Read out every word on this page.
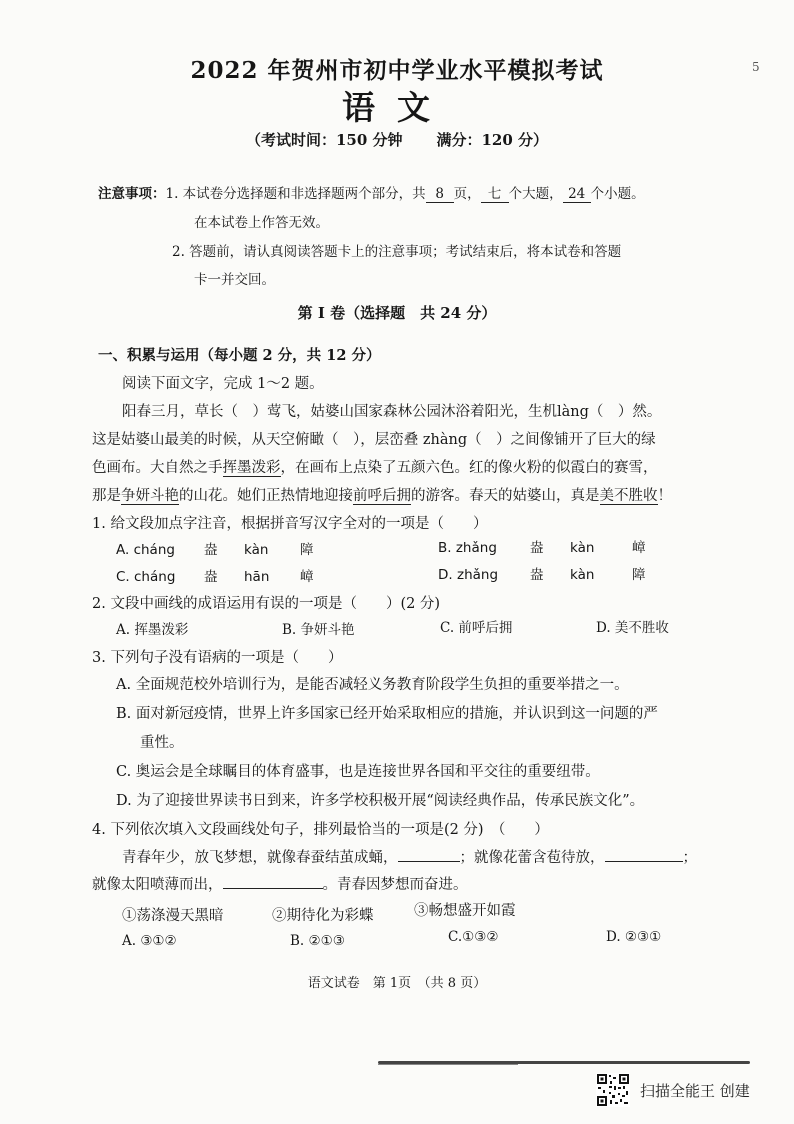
5
2022 年贺州市初中学业水平模拟考试
语文
（考试时间：150 分钟 满分：120 分）
注意事项：1. 本试卷分选择题和非选择题两个部分，共 8 页， 七 个大题， 24 个小题。
在本试卷上作答无效。
2. 答题前，请认真阅读答题卡上的注意事项；考试结束后，将本试卷和答题
卡一并交回。
第 I 卷（选择题　共 24 分）
一、积累与运用（每小题 2 分，共 12 分）
阅读下面文字，完成 1～2 题。
阳春三月，草长（　）莺飞，姑婆山国家森林公园沐浴着阳光，生机làng（　）然。
这是姑婆山最美的时候，从天空俯瞰（　），层峦叠 zhàng（　）之间像铺开了巨大的绿
色画布。大自然之手挥墨泼彩，在画布上点染了五颜六色。红的像火粉的似霞白的赛雪，
那是争妍斗艳的山花。她们正热情地迎接前呼后拥的游客。春天的姑婆山，真是美不胜收！
1. 给文段加点字注音，根据拼音写汉字全对的一项是（　　）
A. cháng 盎 kàn 障	B. zhǎng 盎 kàn	嶂
C. cháng 盎 hān 嶂	D. zhǎng 盎 kàn	障
2. 文段中画线的成语运用有误的一项是（　　）(2 分)
A. 挥墨泼彩	B. 争妍斗艳	C. 前呼后拥	D. 美不胜收
3. 下列句子没有语病的一项是（　　）
A. 全面规范校外培训行为，是能否减轻义务教育阶段学生负担的重要举措之一。
B. 面对新冠疫情，世界上许多国家已经开始采取相应的措施，并认识到这一问题的严
重性。
C. 奥运会是全球瞩目的体育盛事，也是连接世界各国和平交往的重要纽带。
D. 为了迎接世界读书日到来，许多学校积极开展“阅读经典作品，传承民族文化”。
4. 下列依次填入文段画线处句子，排列最恰当的一项是(2 分)　（　　）
青春年少，放飞梦想，就像春蚕结茧成蛹，	；就像花蕾含苞待放，	；
就像太阳喷薄而出，	。青春因梦想而奋进。
①荡涤漫天黑暗	②期待化为彩蝶	③畅想盛开如霞
A. ③①②	B. ②①③	C.①③②	D. ②③①
语文试卷　第 1页　（共 8 页）
扫描全能王 创建
